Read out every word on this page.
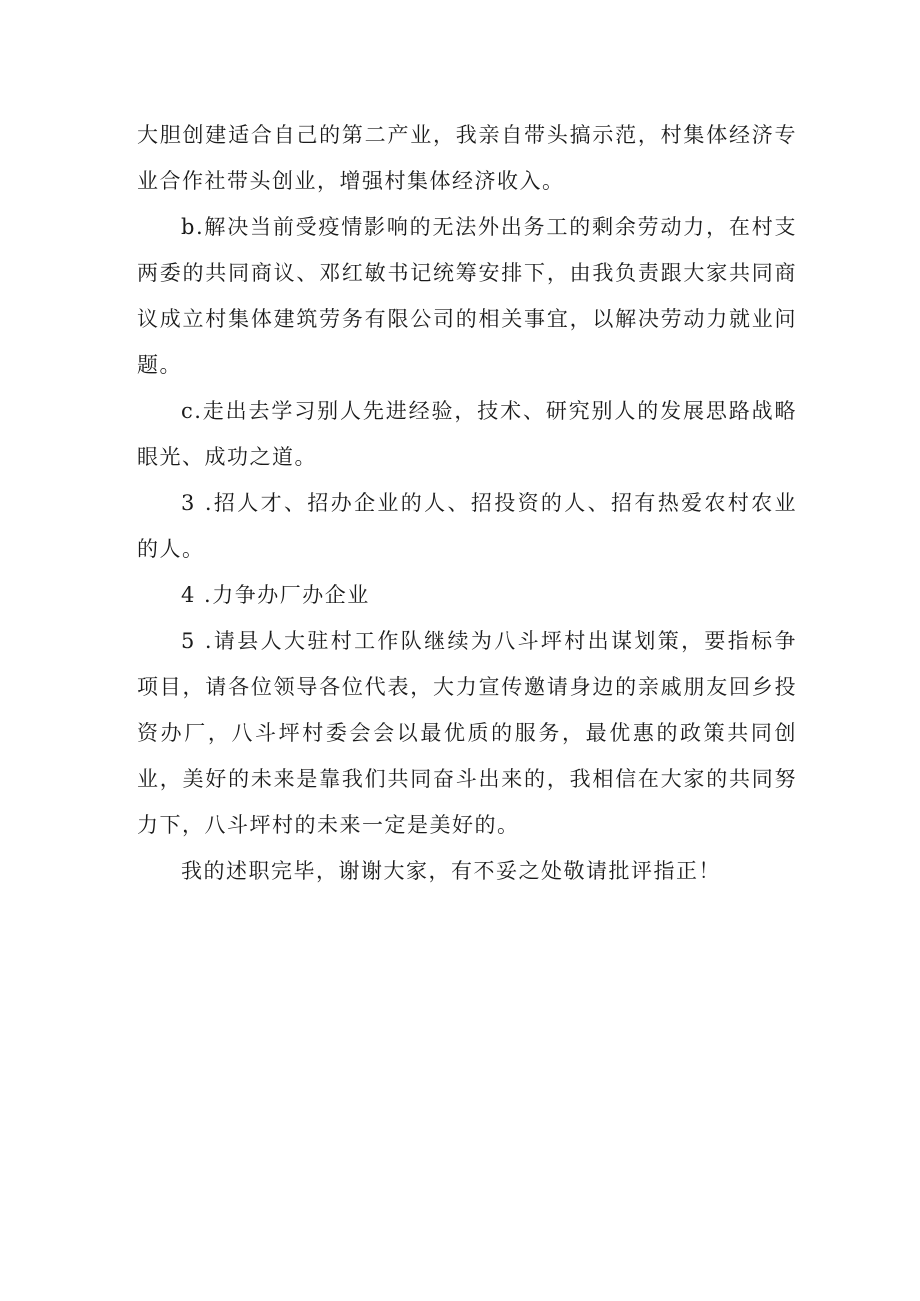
大胆创建适合自己的第二产业，我亲自带头搞示范，村集体经济专业合作社带头创业，增强村集体经济收入。

b.解决当前受疫情影响的无法外出务工的剩余劳动力，在村支两委的共同商议、邓红敏书记统筹安排下，由我负责跟大家共同商议成立村集体建筑劳务有限公司的相关事宜，以解决劳动力就业问题。

c.走出去学习别人先进经验，技术、研究别人的发展思路战略眼光、成功之道。

3 .招人才、招办企业的人、招投资的人、招有热爱农村农业的人。

4 .力争办厂办企业

5 .请县人大驻村工作队继续为八斗坪村出谋划策，要指标争项目，请各位领导各位代表，大力宣传邀请身边的亲戚朋友回乡投资办厂，八斗坪村委会会以最优质的服务，最优惠的政策共同创业，美好的未来是靠我们共同奋斗出来的，我相信在大家的共同努力下，八斗坪村的未来一定是美好的。

我的述职完毕，谢谢大家，有不妥之处敬请批评指正！
